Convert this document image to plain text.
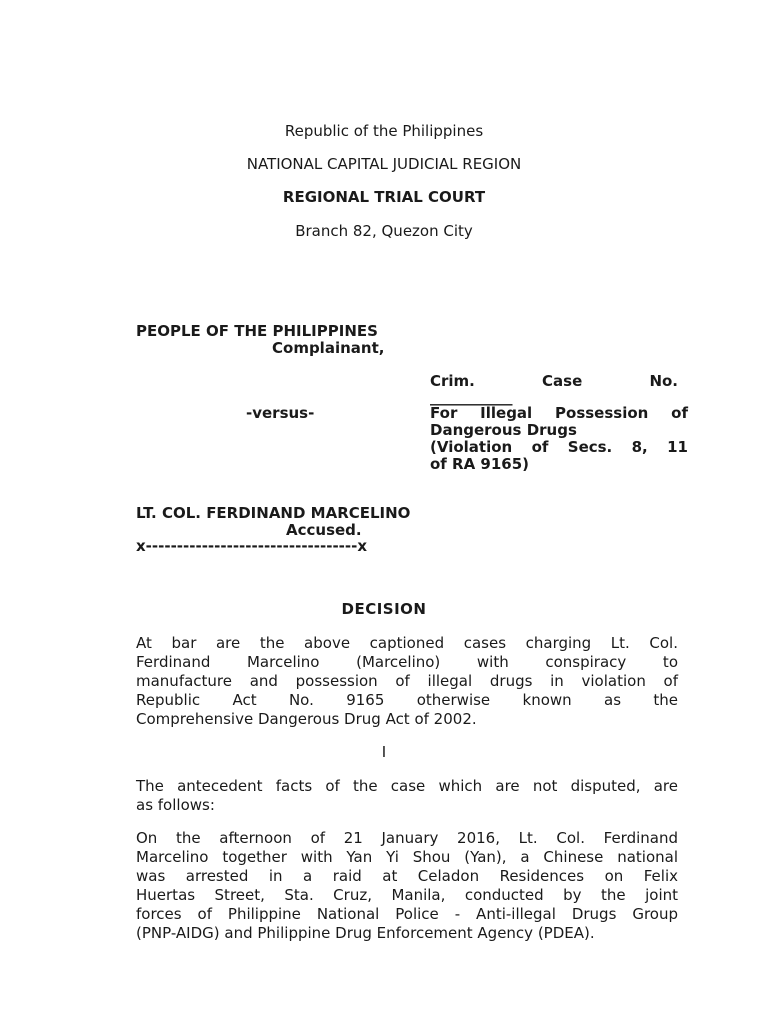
Republic of the Philippines
NATIONAL CAPITAL JUDICIAL REGION
REGIONAL TRIAL COURT
Branch 82, Quezon City
PEOPLE OF THE PHILIPPINES
Complainant,
Crim. Case No.
___________
-versus-	For Illegal Possession of
Dangerous Drugs
(Violation of Secs. 8, 11
of RA 9165)
LT. COL. FERDINAND MARCELINO
Accused.
x----------------------------------x
DECISION
At bar are the above captioned cases charging Lt. Col.
Ferdinand Marcelino (Marcelino) with conspiracy to
manufacture and possession of illegal drugs in violation of
Republic Act No. 9165 otherwise known as the
Comprehensive Dangerous Drug Act of 2002.
I
The antecedent facts of the case which are not disputed, are
as follows:
On the afternoon of 21 January 2016, Lt. Col. Ferdinand
Marcelino together with Yan Yi Shou (Yan), a Chinese national
was arrested in a raid at Celadon Residences on Felix
Huertas Street, Sta. Cruz, Manila, conducted by the joint
forces of Philippine National Police - Anti-illegal Drugs Group
(PNP-AIDG) and Philippine Drug Enforcement Agency (PDEA).
